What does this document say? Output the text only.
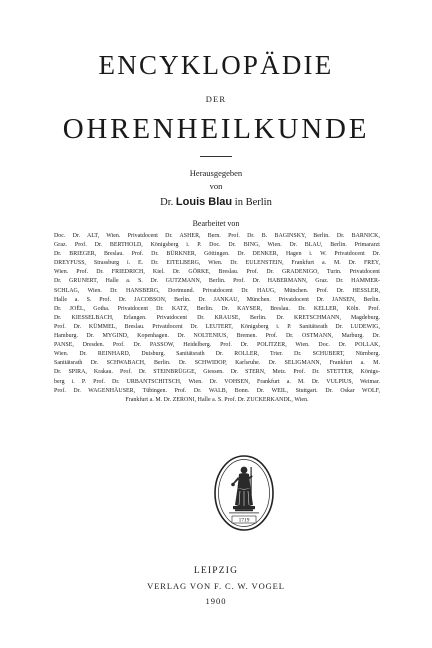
ENCYKLOPÄDIE
DER
OHRENHEILKUNDE
Herausgegeben
von
Dr. Louis Blau in Berlin
Bearbeitet von
Doc. Dr. ALT, Wien. Privatdocent Dr. ASHER, Bern. Prof. Dr. B. BAGINSKY, Berlin. Dr. BARNICK,
Graz. Prof. Dr. BERTHOLD, Königsberg i. P. Doc. Dr. BING, Wien. Dr. BLAU, Berlin. Primararzt
Dr. BRIEGER, Breslau. Prof. Dr. BÜRKNER, Göttingen. Dr. DENKER, Hagen i. W. Privatdocent Dr.
DREYFUSS, Strassburg i. E. Dr. EITELBERG, Wien. Dr. EULENSTEIN, Frankfurt a. M. Dr. FREY,
Wien. Prof. Dr. FRIEDRICH, Kiel. Dr. GÖRKE, Breslau. Prof. Dr. GRADENIGO, Turin. Privatdocent
Dr. GRUNERT, Halle a. S. Dr. GUTZMANN, Berlin. Prof. Dr. HABERMANN, Graz. Dr. HAMMER-
SCHLAG, Wien. Dr. HANSBERG, Dortmund. Privatdocent Dr. HAUG, München. Prof. Dr. HESSLER,
Halle a. S. Prof. Dr. JACOBSON, Berlin. Dr. JANKAU, München. Privatdocent Dr. JANSEN, Berlin.
Dr. JOËL, Gotha. Privatdocent Dr. KATZ, Berlin. Dr. KAYSER, Breslau. Dr. KELLER, Köln. Prof.
Dr. KIESSELBACH, Erlangen. Privatdocent Dr. KRAUSE, Berlin. Dr. KRETSCHMANN, Magdeburg.
Prof. Dr. KÜMMEL, Breslau. Privatdocent Dr. LEUTERT, Königsberg i. P. Sanitätsrath Dr. LUDEWIG,
Hamburg. Dr. MYGIND, Kopenhagen. Dr. NOLTENIUS, Bremen. Prof. Dr. OSTMANN, Marburg. Dr.
PANSE, Dresden. Prof. Dr. PASSOW, Heidelberg. Prof. Dr. POLITZER, Wien. Doc. Dr. POLLAK,
Wien. Dr. REINHARD, Duisburg. Sanitätsrath Dr. ROLLER, Trier. Dr. SCHUBERT, Nürnberg.
Sanitätsrath Dr. SCHWABACH, Berlin. Dr. SCHWIDOP, Karlsruhe. Dr. SELIGMANN, Frankfurt a. M.
Dr. SPIRA, Krakau. Prof. Dr. STEINBRÜGGE, Giessen. Dr. STERN, Metz. Prof. Dr. STETTER, Königs-
berg i. P. Prof. Dr. URBANTSCHITSCH, Wien. Dr. VOHSEN, Frankfurt a. M. Dr. VULPIUS, Weimar.
Prof. Dr. WAGENHÄUSER, Tübingen. Prof. Dr. WALB, Bonn. Dr. WEIL, Stuttgart. Dr. Oskar WOLF,
Frankfurt a. M. Dr. ZERONI, Halle a. S. Prof. Dr. ZUCKERKANDL, Wien.
1719
LEIPZIG
VERLAG VON F. C. W. VOGEL
1900
